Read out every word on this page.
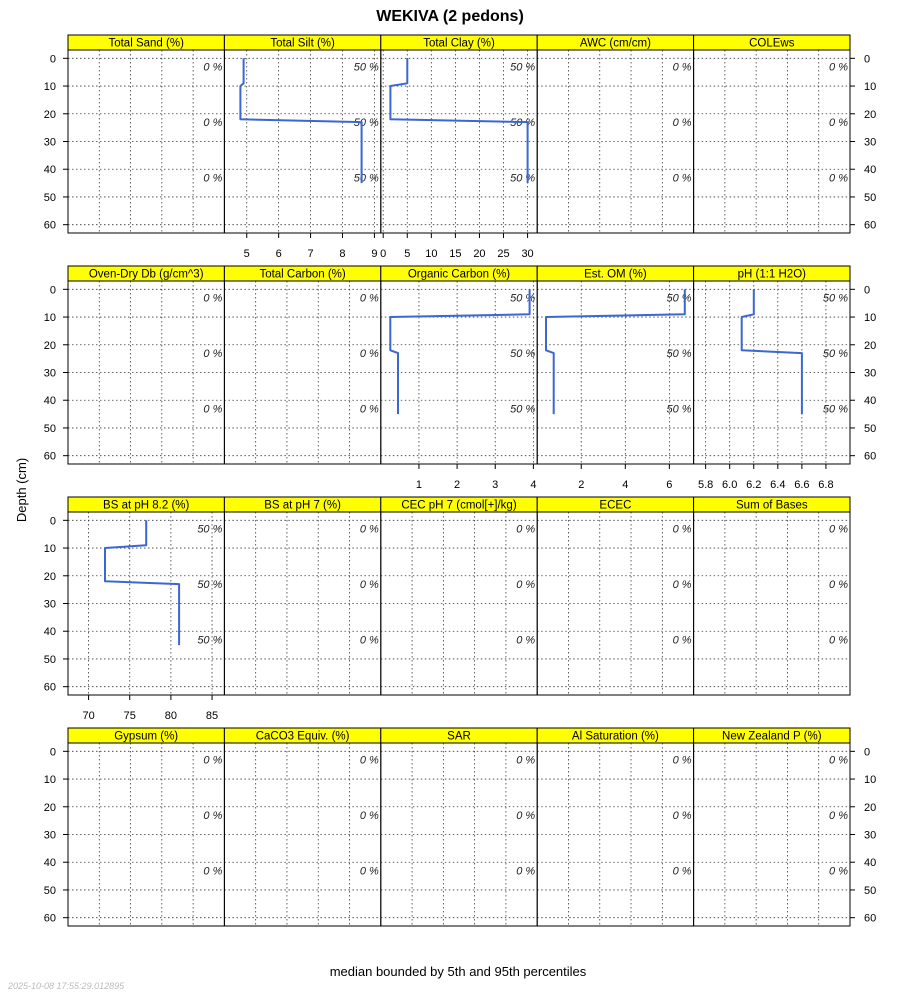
WEKIVA (2 pedons)
Depth (cm)
median bounded by 5th and 95th percentiles
2025-10-08 17:55:29.012895
Total Sand (%)
0 %
0 %
0 %
Total Silt (%)
50 %
50 %
50 %
5 6 7 8 9
Total Clay (%)
50 %
50 %
50 %
0 5 10 15 20 25 30
AWC (cm/cm)
0 %
0 %
0 %
COLEws
0 %
0 %
0 %
Oven-Dry Db (g/cm^3)
0 %
0 %
0 %
Total Carbon (%)
0 %
0 %
0 %
Organic Carbon (%)
50 %
50 %
50 %
1	2	3	4
Est. OM (%)
50 %
50 %
50 %
2	4	6
pH (1:1 H2O)
50 %
50 %
50 %
5.8 6.0 6.2 6.4 6.6 6.8
BS at pH 8.2 (%)
50 %
50 %
50 %
70	75	80	85
BS at pH 7 (%)
0 %
0 %
0 %
CEC pH 7 (cmol[+]/kg)
0 %
0 %
0 %
ECEC
0 %
0 %
0 %
Sum of Bases
0 %
0 %
0 %
Gypsum (%)
0 %
0 %
0 %
CaCO3 Equiv. (%)
0 %
0 %
0 %
SAR
0 %
0 %
0 %
Al Saturation (%)
0 %
0 %
0 %
New Zealand P (%)
0 %
0 %
0 %
0	0
10	10
20	20
30	30
40	40
50	50
60	60
0	0
10	10
20	20
30	30
40	40
50	50
60	60
0
10
20
30
40
50
60
0	0
10	10
20	20
30	30
40	40
50	50
60	60
